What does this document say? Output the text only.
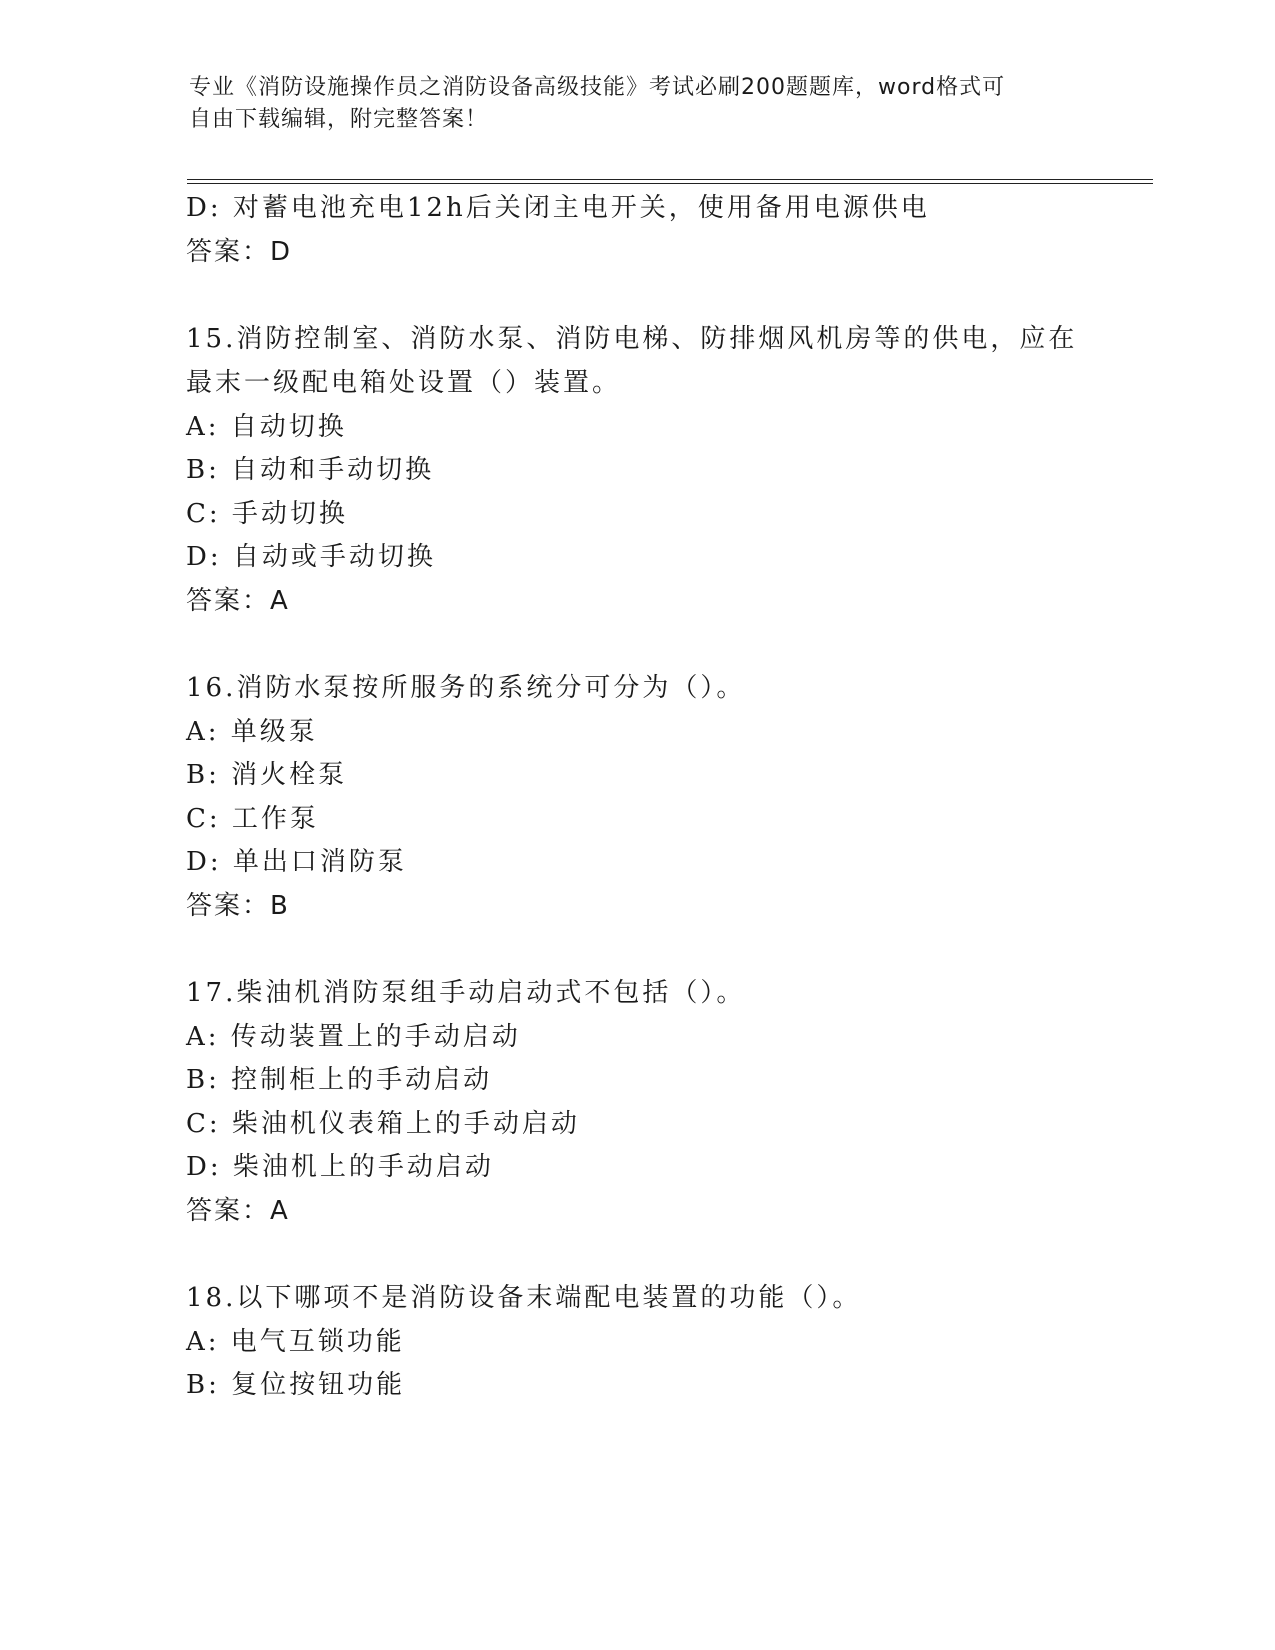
专业《消防设施操作员之消防设备高级技能》考试必刷200题题库，word格式可

自由下载编辑，附完整答案！

D: 对蓄电池充电12h后关闭主电开关，使用备用电源供电

答案：D

15.消防控制室、消防水泵、消防电梯、防排烟风机房等的供电，应在

最末一级配电箱处设置（）装置。

A: 自动切换

B: 自动和手动切换

C: 手动切换

D: 自动或手动切换

答案：A

16.消防水泵按所服务的系统分可分为（）。

A: 单级泵

B: 消火栓泵

C: 工作泵

D: 单出口消防泵

答案：B

17.柴油机消防泵组手动启动式不包括（）。

A: 传动装置上的手动启动

B: 控制柜上的手动启动

C: 柴油机仪表箱上的手动启动

D: 柴油机上的手动启动

答案：A

18.以下哪项不是消防设备末端配电装置的功能（）。

A: 电气互锁功能

B: 复位按钮功能
